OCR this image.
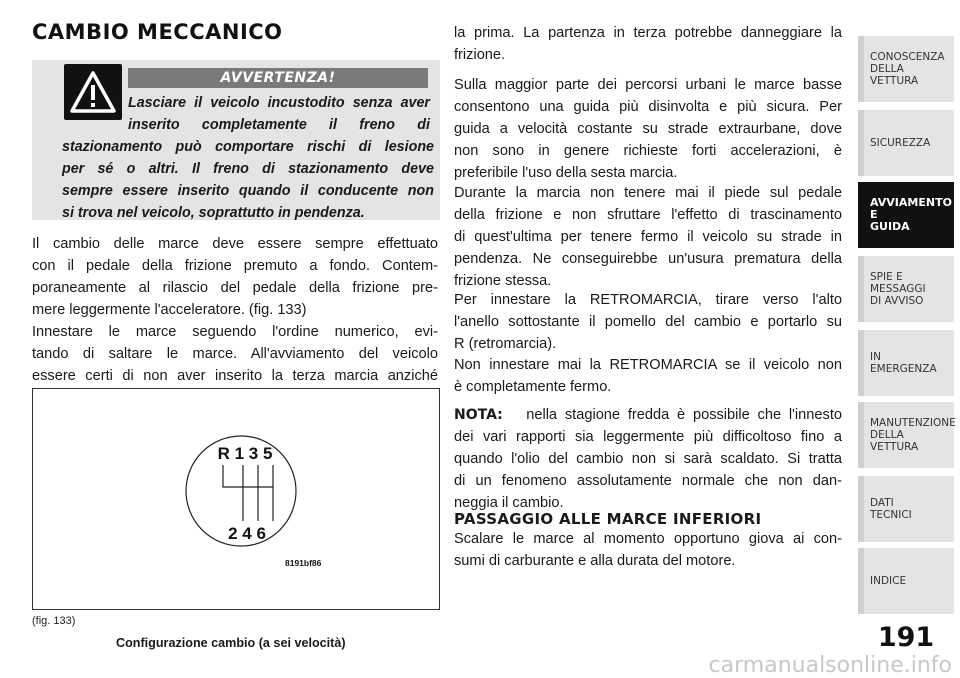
CAMBIO MECCANICO
AVVERTENZA!

Lasciare il veicolo incustodito senza aver
inserito completamente il freno di

stazionamento può comportare rischi di lesione
per sé o altri. Il freno di stazionamento deve
sempre essere inserito quando il conducente non
si trova nel veicolo, soprattutto in pendenza.

Il cambio delle marce deve essere sempre effettuato
con il pedale della frizione premuto a fondo. Contem-
poraneamente al rilascio del pedale della frizione pre-
mere leggermente l'acceleratore. (fig. 133)

Innestare le marce seguendo l'ordine numerico, evi-
tando di saltare le marce. All'avviamento del veicolo
essere certi di non aver inserito la terza marcia anziché

R 1 3 5
2 4 6
8191bf86
(fig. 133)
Configurazione cambio (a sei velocità)

la prima. La partenza in terza potrebbe danneggiare la
frizione.

Sulla maggior parte dei percorsi urbani le marce basse
consentono una guida più disinvolta e più sicura. Per
guida a velocità costante su strade extraurbane, dove
non sono in genere richieste forti accelerazioni, è
preferibile l'uso della sesta marcia.

Durante la marcia non tenere mai il piede sul pedale
della frizione e non sfruttare l'effetto di trascinamento
di quest'ultima per tenere fermo il veicolo su strade in
pendenza. Ne conseguirebbe un'usura prematura della
frizione stessa.

Per innestare la RETROMARCIA, tirare verso l'alto
l'anello sottostante il pomello del cambio e portarlo su
R (retromarcia).

Non innestare mai la RETROMARCIA se il veicolo non
è completamente fermo.

NOTA: nella stagione fredda è possibile che l'innesto
dei vari rapporti sia leggermente più difficoltoso fino a
quando l'olio del cambio non si sarà scaldato. Si tratta
di un fenomeno assolutamente normale che non dan-
neggia il cambio.

PASSAGGIO ALLE MARCE INFERIORI

Scalare le marce al momento opportuno giova ai con-
sumi di carburante e alla durata del motore.

CONOSCENZA
DELLA
VETTURA
SICUREZZA
AVVIAMENTO
E
GUIDA
SPIE E
MESSAGGI
DI AVVISO
IN
EMERGENZA
MANUTENZIONE
DELLA
VETTURA
DATI
TECNICI
INDICE
191
carmanualsonline.info
